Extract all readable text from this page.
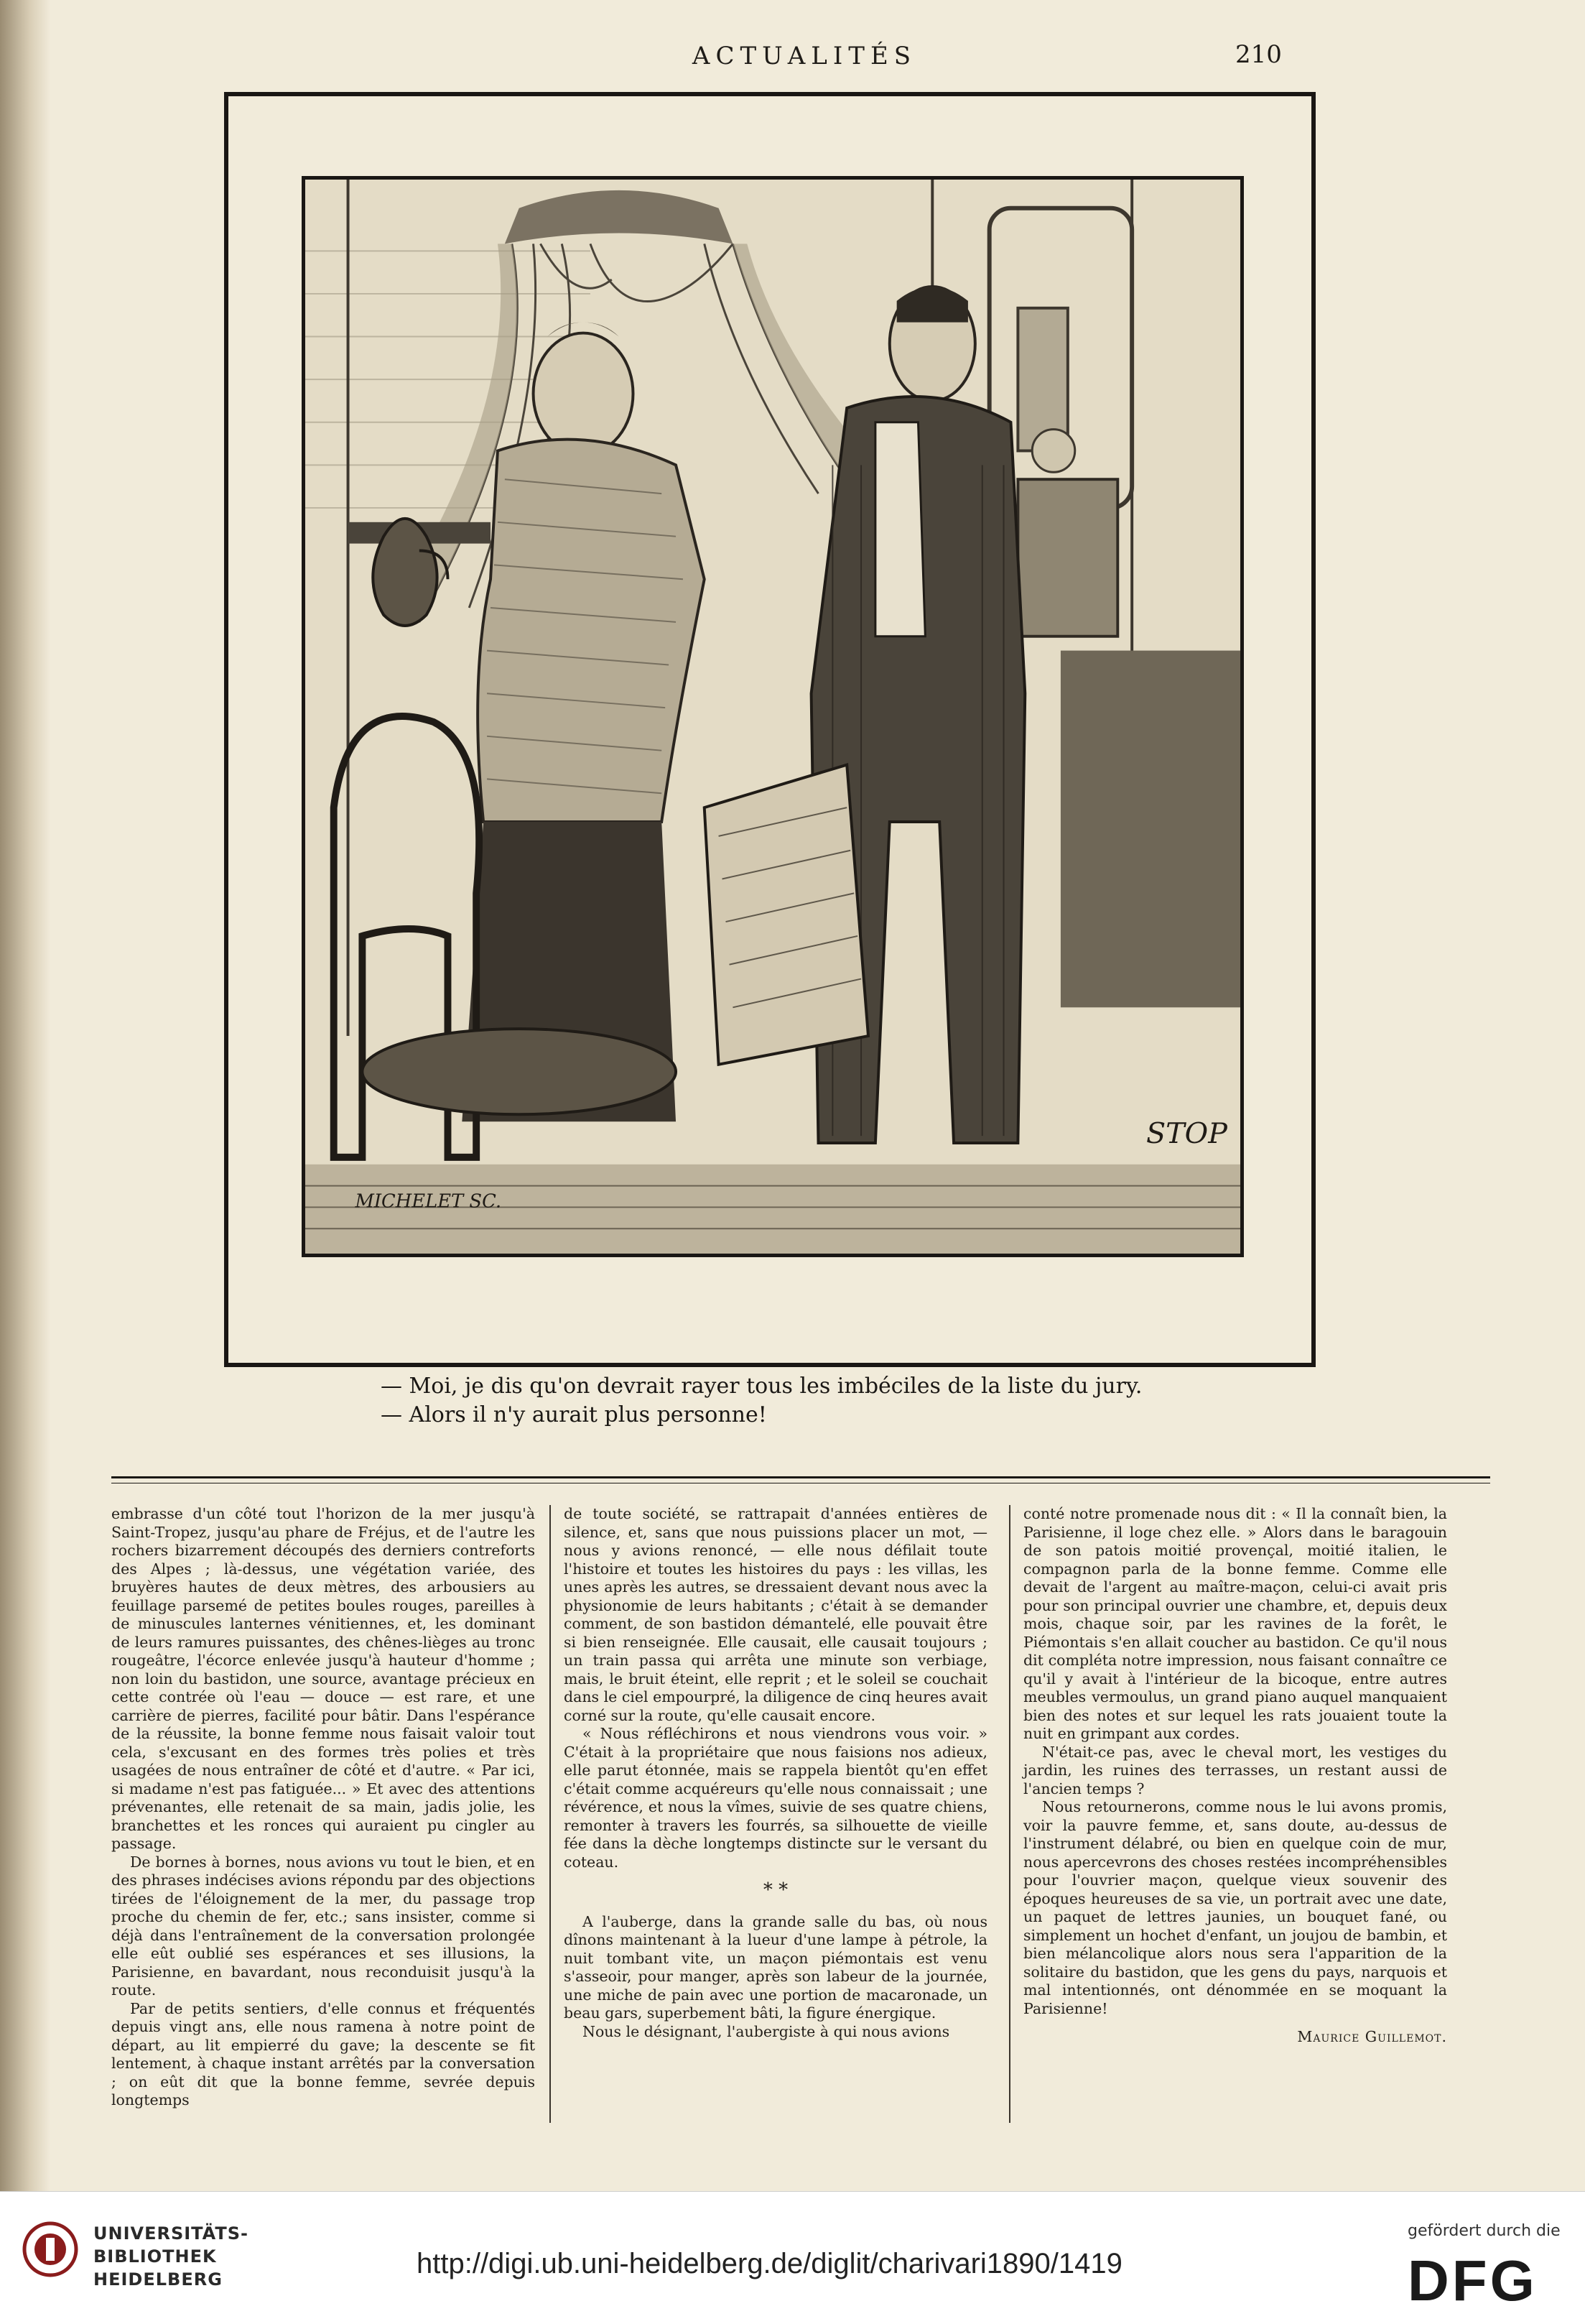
ACTUALITÉS	210
MICHELET SC.
STOP
— Moi, je dis qu'on devrait rayer tous les imbéciles de la liste du jury.
— Alors il n'y aurait plus personne!

embrasse d'un côté tout l'horizon de la mer jusqu'à Saint-Tropez, jusqu'au phare de Fréjus, et de l'autre les rochers bizarrement découpés des derniers contreforts des Alpes ; là-dessus, une végétation variée, des bruyères hautes de deux mètres, des arbousiers au feuillage parsemé de petites boules rouges, pareilles à de minuscules lanternes vénitiennes, et, les dominant de leurs ramures puissantes, des chênes-lièges au tronc rougeâtre, l'écorce enlevée jusqu'à hauteur d'homme ; non loin du bastidon, une source, avantage précieux en cette contrée où l'eau — douce — est rare, et une carrière de pierres, facilité pour bâtir. Dans l'espérance de la réussite, la bonne femme nous faisait valoir tout cela, s'excusant en des formes très polies et très usagées de nous entraîner de côté et d'autre. « Par ici, si madame n'est pas fatiguée... » Et avec des attentions prévenantes, elle retenait de sa main, jadis jolie, les branchettes et les ronces qui auraient pu cingler au passage.

De bornes à bornes, nous avions vu tout le bien, et en des phrases indécises avions répondu par des objections tirées de l'éloignement de la mer, du passage trop proche du chemin de fer, etc.; sans insister, comme si déjà dans l'entraînement de la conversation prolongée elle eût oublié ses espérances et ses illusions, la Parisienne, en bavardant, nous reconduisit jusqu'à la route.

Par de petits sentiers, d'elle connus et fréquentés depuis vingt ans, elle nous ramena à notre point de départ, au lit empierré du gave; la descente se fit lentement, à chaque instant arrêtés par la conversation ; on eût dit que la bonne femme, sevrée depuis longtemps

de toute société, se rattrapait d'années entières de silence, et, sans que nous puissions placer un mot, — nous y avions renoncé, — elle nous défilait toute l'histoire et toutes les histoires du pays : les villas, les unes après les autres, se dressaient devant nous avec la physionomie de leurs habitants ; c'était à se demander comment, de son bastidon démantelé, elle pouvait être si bien renseignée. Elle causait, elle causait toujours ; un train passa qui arrêta une minute son verbiage, mais, le bruit éteint, elle reprit ; et le soleil se couchait dans le ciel empourpré, la diligence de cinq heures avait corné sur la route, qu'elle causait encore.

« Nous réfléchirons et nous viendrons vous voir. » C'était à la propriétaire que nous faisions nos adieux, elle parut étonnée, mais se rappela bientôt qu'en effet c'était comme acquéreurs qu'elle nous connaissait ; une révérence, et nous la vîmes, suivie de ses quatre chiens, remonter à travers les fourrés, sa silhouette de vieille fée dans la dèche longtemps distincte sur le versant du coteau.

* *

A l'auberge, dans la grande salle du bas, où nous dînons maintenant à la lueur d'une lampe à pétrole, la nuit tombant vite, un maçon piémontais est venu s'asseoir, pour manger, après son labeur de la journée, une miche de pain avec une portion de macaronade, un beau gars, superbement bâti, la figure énergique.

Nous le désignant, l'aubergiste à qui nous avions

conté notre promenade nous dit : « Il la connaît bien, la Parisienne, il loge chez elle. » Alors dans le baragouin de son patois moitié provençal, moitié italien, le compagnon parla de la bonne femme. Comme elle devait de l'argent au maître-maçon, celui-ci avait pris pour son principal ouvrier une chambre, et, depuis deux mois, chaque soir, par les ravines de la forêt, le Piémontais s'en allait coucher au bastidon. Ce qu'il nous dit compléta notre impression, nous faisant connaître ce qu'il y avait à l'intérieur de la bicoque, entre autres meubles vermoulus, un grand piano auquel manquaient bien des notes et sur lequel les rats jouaient toute la nuit en grimpant aux cordes.

N'était-ce pas, avec le cheval mort, les vestiges du jardin, les ruines des terrasses, un restant aussi de l'ancien temps ?

Nous retournerons, comme nous le lui avons promis, voir la pauvre femme, et, sans doute, au-dessus de l'instrument délabré, ou bien en quelque coin de mur, nous apercevrons des choses restées incompréhensibles pour l'ouvrier maçon, quelque vieux souvenir des époques heureuses de sa vie, un portrait avec une date, un paquet de lettres jaunies, un bouquet fané, ou simplement un hochet d'enfant, un joujou de bambin, et bien mélancolique alors nous sera l'apparition de la solitaire du bastidon, que les gens du pays, narquois et mal intentionnés, ont dénommée en se moquant la Parisienne!

Maurice Guillemot.
UNIVERSITÄTS-
BIBLIOTHEK
HEIDELBERG	http://digi.ub.uni-heidelberg.de/diglit/charivari1890/1419
gefördert durch die
DFG
